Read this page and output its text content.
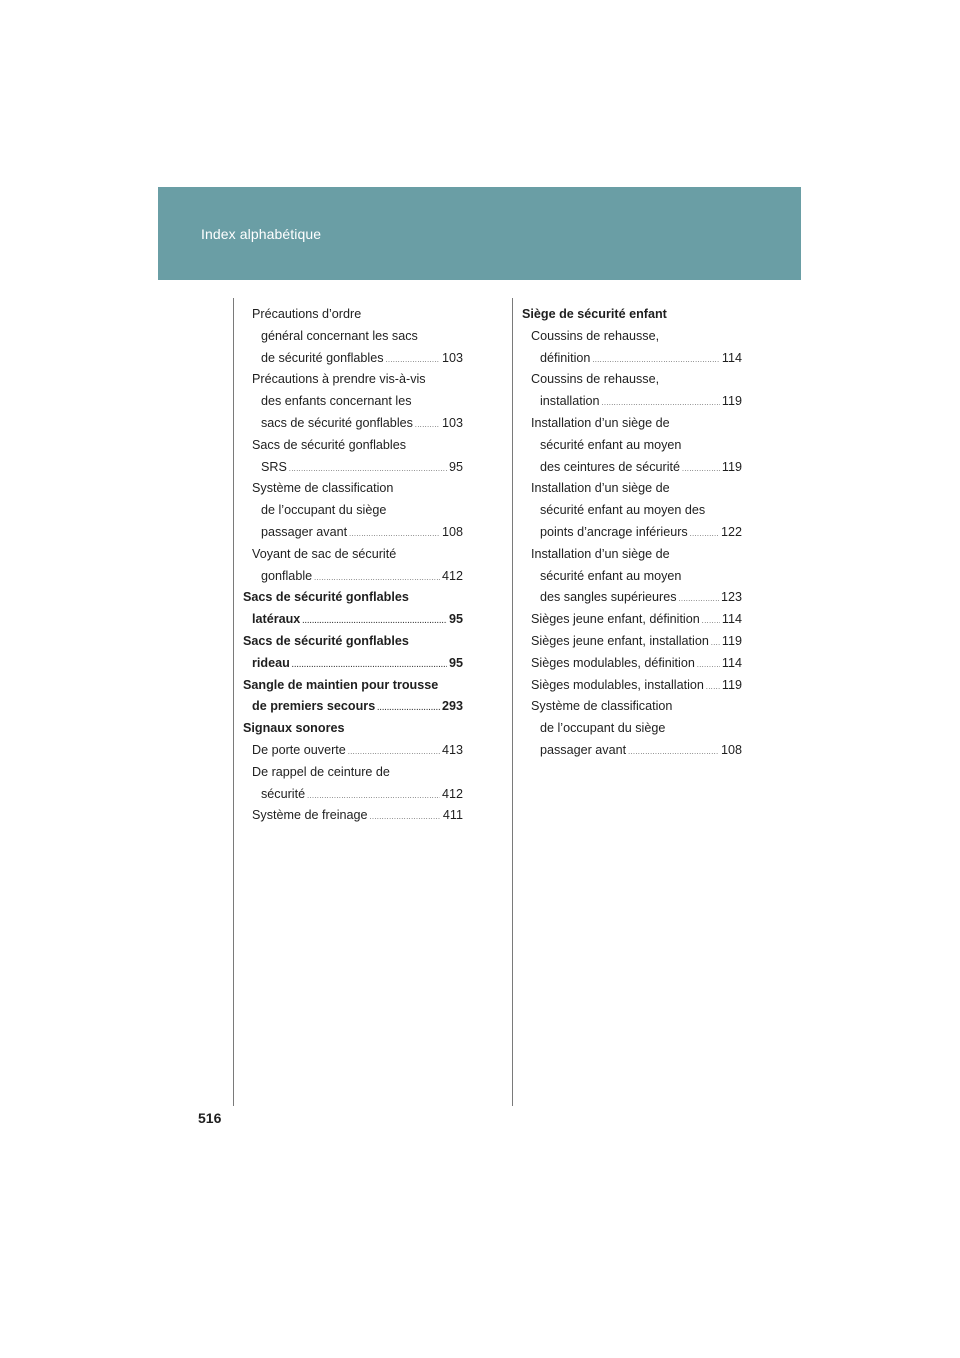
Index alphabétique
Précautions d’ordre
général concernant les sacs
de sécurité gonflables .....	103
Précautions à prendre vis-à-vis
des enfants concernant les
sacs de sécurité gonflables ..... 103
Sacs de sécurité gonflables
SRS .....	95
Système de classification
de l’occupant du siège
passager avant .....	108
Voyant de sac de sécurité
gonflable .....	412
Sacs de sécurité gonflables
latéraux .....	95
Sacs de sécurité gonflables
rideau .....	95
Sangle de maintien pour trousse
de premiers secours .....	293
Signaux sonores
De porte ouverte .....	413
De rappel de ceinture de
sécurité .....	412
Système de freinage .....	411
Siège de sécurité enfant
Coussins de rehausse,
définition .....	114
Coussins de rehausse,
installation .....	119
Installation d’un siège de
sécurité enfant au moyen
des ceintures de sécurité .....	119
Installation d’un siège de
sécurité enfant au moyen des
points d’ancrage inférieurs .....	122
Installation d’un siège de
sécurité enfant au moyen
des sangles supérieures .....	123
Sièges jeune enfant, définition ..... 114
Sièges jeune enfant, installation ..... 119
Sièges modulables, définition ..... 114
Sièges modulables, installation ..... 119
Système de classification
de l’occupant du siège
passager avant .....	108
516
